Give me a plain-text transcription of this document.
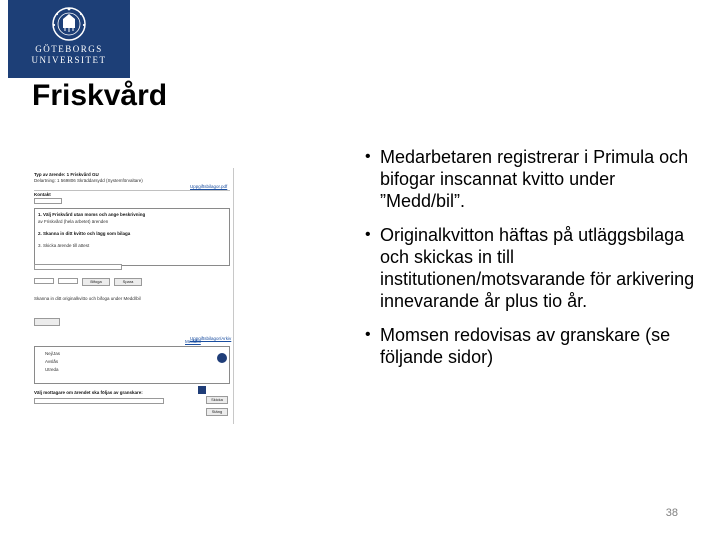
GÖTEBORGS
UNIVERSITET
Friskvård
Typ av ärende: 1 Friskvård GU
Delartning: 1 569806 Skräddarsydd (Systemförvaltare)
Uppgiftsbilagor.pdf
Kontakt
1. Välj Friskvård utan moms och ange beskrivning
av Friskvård (hela arbetet) ärenden
2. Skanna in ditt kvitto och lägg som bilaga
3. Skicka ärende till attest
Bifoga	Spara
Skanna in ditt originalkvitto och bifoga under Medd/bil
Uppgiftsbilagor/Arkiv
Nej/Jas
Avslås
Utreda
Meddbil
Välj mottagare om ärendet ska följas av granskare:
Skicka
Stäng
• Medarbetaren registrerar i Primula och bifogar inscannat kvitto under ”Medd/bil”.
• Originalkvitton häftas på utläggsbilaga och skickas in till institutionen/motsvarande för arkivering innevarande år plus tio år.
• Momsen redovisas av granskare (se följande sidor)
38
